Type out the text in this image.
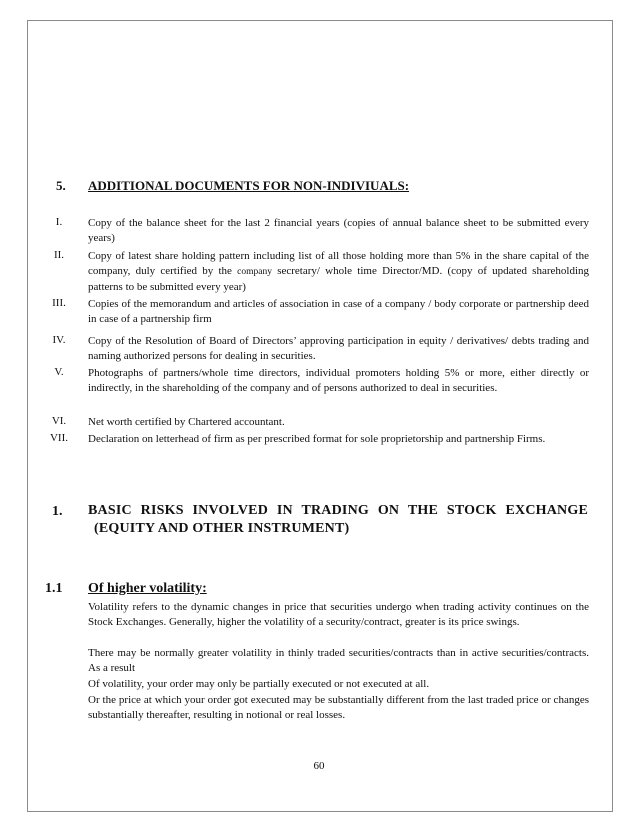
5. ADDITIONAL DOCUMENTS FOR NON-INDIVIUALS:
I.	Copy of the balance sheet for the last 2 financial years (copies of annual balance sheet to be submitted every years)
II.	Copy of latest share holding pattern including list of all those holding more than 5% in the share capital of the company, duly certified by the company secretary/ whole time Director/MD. (copy of updated shareholding patterns to be submitted every year)
III.	Copies of the memorandum and articles of association in case of a company / body corporate or partnership deed in case of a partnership firm
IV.	Copy of the Resolution of Board of Directors’ approving participation in equity / derivatives/ debts trading and naming authorized persons for dealing in securities.
V.	Photographs of partners/whole time directors, individual promoters holding 5% or more, either directly or indirectly, in the shareholding of the company and of persons authorized to deal in securities.
VI.	Net worth certified by Chartered accountant.
VII.	Declaration on letterhead of firm as per prescribed format for sole proprietorship and partnership Firms.
1. BASIC RISKS INVOLVED IN TRADING ON THE STOCK EXCHANGE
(EQUITY AND OTHER INSTRUMENT)
1.1 Of higher volatility:
Volatility refers to the dynamic changes in price that securities undergo when trading activity continues on the Stock Exchanges. Generally, higher the volatility of a security/contract, greater is its price swings.
There may be normally greater volatility in thinly traded securities/contracts than in active securities/contracts. As a result
Of volatility, your order may only be partially executed or not executed at all.
Or the price at which your order got executed may be substantially different from the last traded price or changes substantially thereafter, resulting in notional or real losses.
60
